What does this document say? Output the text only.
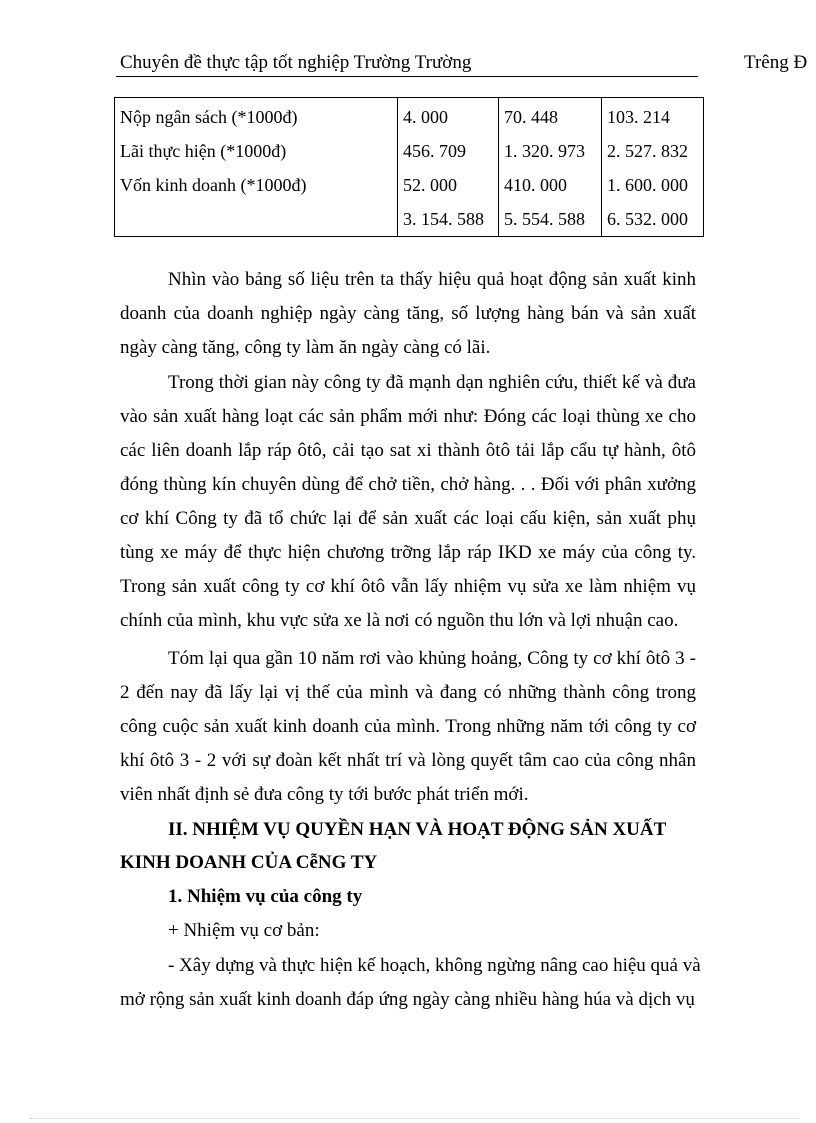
Chuyên đề thực tập tốt nghiệp Trường Trường	Trêng Đ
Nộp ngân sách (*1000đ)	4. 000	70. 448	103. 214
Lãi thực hiện (*1000đ)	456. 709	1. 320. 973	2. 527. 832
Vốn kinh doanh (*1000đ)	52. 000	410. 000	1. 600. 000
	3. 154. 588	5. 554. 588	6. 532. 000

Nhìn vào bảng số liệu trên ta thấy hiệu quả hoạt động sản xuất kinh doanh của doanh nghiệp ngày càng tăng, số lượng hàng bán và sản xuất ngày càng tăng, công ty làm ăn ngày càng có lãi.

Trong thời gian này công ty đã mạnh dạn nghiên cứu, thiết kế và đưa vào sản xuất hàng loạt các sản phẩm mới như: Đóng các loại thùng xe cho các liên doanh lắp ráp ôtô, cải tạo sat xi thành ôtô tải lắp cẩu tự hành, ôtô đóng thùng kín chuyên dùng để chở tiền, chở hàng. . . Đối với phân xưởng cơ khí Công ty đã tổ chức lại để sản xuất các loại cấu kiện, sản xuất phụ tùng xe máy để thực hiện chương trỡng lắp ráp IKD xe máy của công ty. Trong sản xuất công ty cơ khí ôtô vẫn lấy nhiệm vụ sửa xe làm nhiệm vụ chính của mình, khu vực sửa xe là nơi có nguồn thu lớn và lợi nhuận cao.

Tóm lại qua gần 10 năm rơi vào khủng hoảng, Công ty cơ khí ôtô 3 - 2 đến nay đã lấy lại vị thế của mình và đang có những thành công trong công cuộc sản xuất kinh doanh của mình. Trong những năm tới công ty cơ khí ôtô 3 - 2 với sự đoàn kết nhất trí và lòng quyết tâm cao của công nhân viên nhất định sẻ đưa công ty tới bước phát triển mới.

II. NHIỆM VỤ QUYỀN HẠN VÀ HOẠT ĐỘNG SẢN XUẤT

KINH DOANH CỦA CễNG TY

1. Nhiệm vụ của công ty

+ Nhiệm vụ cơ bản:

- Xây dựng và thực hiện kế hoạch, không ngừng nâng cao hiệu quả và

mở rộng sản xuất kinh doanh đáp ứng ngày càng nhiều hàng húa và dịch vụ
